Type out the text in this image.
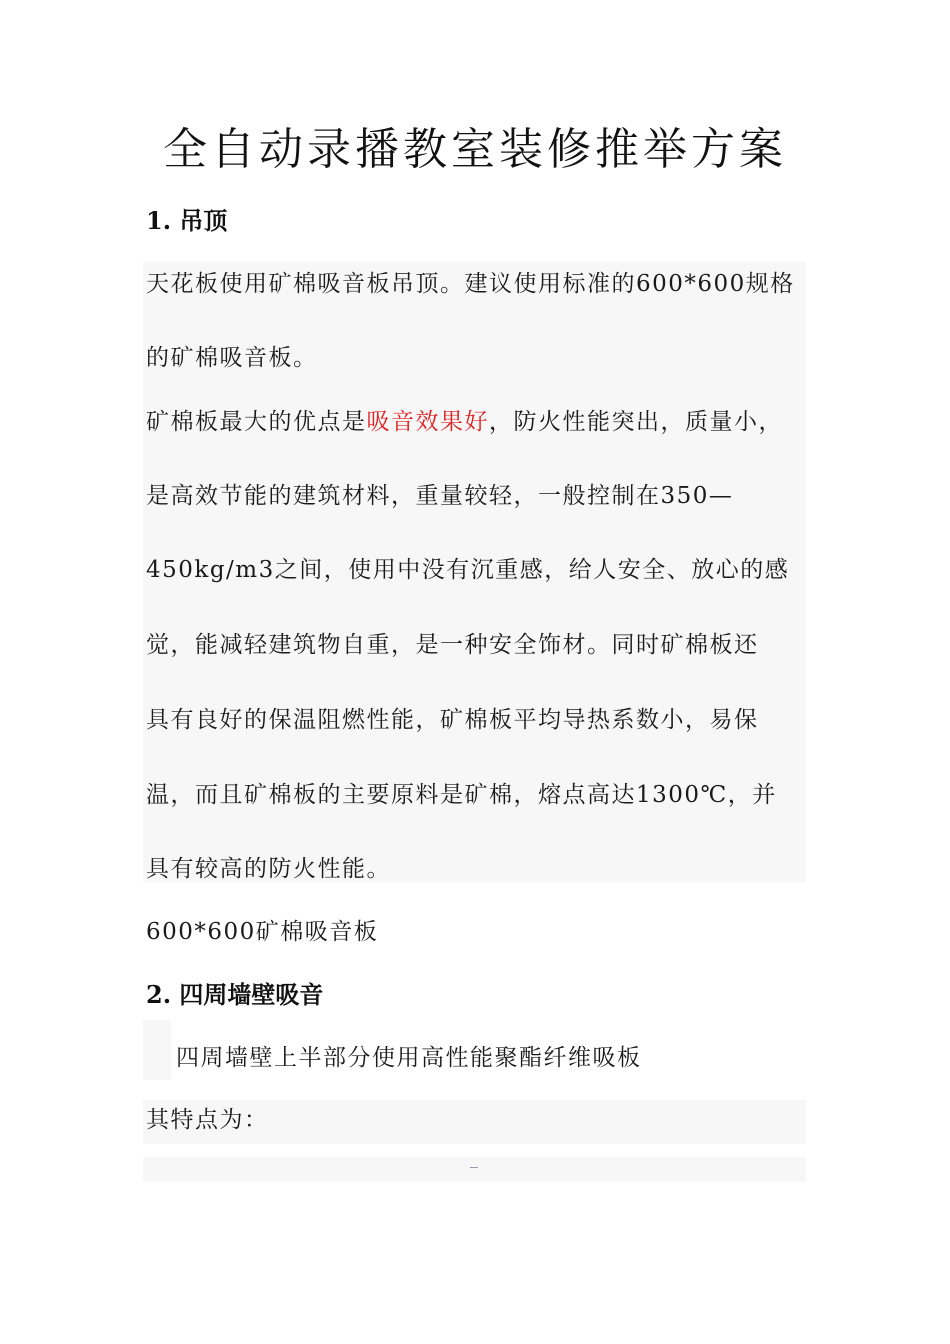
全自动录播教室装修推举方案
1. 吊顶

天花板使用矿棉吸音板吊顶。建议使用标准的600*600规格

的矿棉吸音板。

矿棉板最大的优点是吸音效果好，防火性能突出，质量小，

是高效节能的建筑材料，重量较轻，一般控制在350—

450kg/m3之间，使用中没有沉重感，给人安全、放心的感

觉，能减轻建筑物自重，是一种安全饰材。同时矿棉板还

具有良好的保温阻燃性能，矿棉板平均导热系数小，易保

温，而且矿棉板的主要原料是矿棉，熔点高达1300℃，并

具有较高的防火性能。

600*600矿棉吸音板

2. 四周墙壁吸音

四周墙壁上半部分使用高性能聚酯纤维吸板

其特点为：
